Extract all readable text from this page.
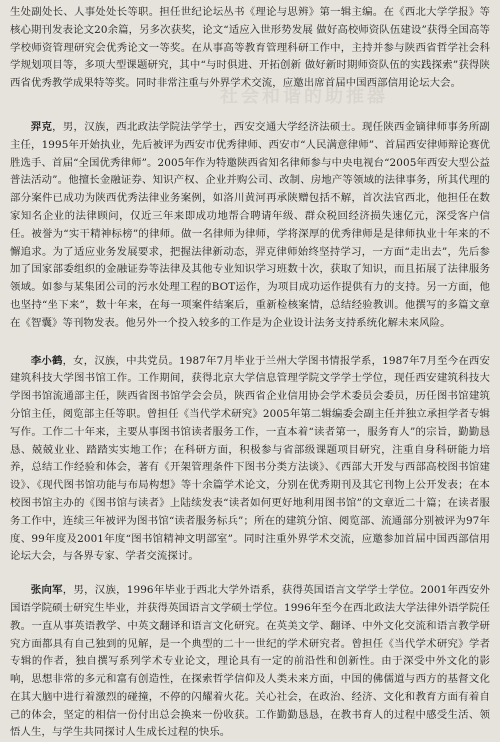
社会和谐的助推器

生处副处长、人事处处长等职。担任世纪论坛丛书《理论与思辨》第一辑主编。在《西北大学学报》等核心期刊发表论文20余篇，另多次获奖，论文“适应入世形势发展 做好高校师资队伍建设”获得全国高等学校师资管理研究会优秀论文一等奖。在从事高等教育管理科研工作中，主持并参与陕西省哲学社会科学规划项目等，多项大型课题研究，其中“与时俱进、开拓创新 做好新时期师资队伍的实践探索”获得陕西省优秀教学成果特等奖。同时非常注重与外界学术交流，应邀出席首届中国西部信用论坛大会。

羿克，男，汉族，西北政法学院法学学士，西安交通大学经济法硕士。现任陕西金镝律师事务所副主任，1995年开始执业，先后被评为西安市优秀律师、西安市“人民满意律师”、首届西安律师辩论赛优胜选手、首届“全国优秀律师”。2005年作为特邀陕西省知名律师参与中央电视台“2005年西安大型公益普法活动”。他擅长金融证券、知识产权、企业并购公司、改制、房地产等领域的法律事务，所其代理的部分案件已成功为陕西优秀法律业务案例，如洛川黄河再承陕赠包括不解，首次法官西北，他担任在数家知名企业的法律顾问，仅近三年来即成功地帮合聘请年级、群众税回经济损失速亿元，深受客户信任。被誉为“实干精神标榜”的律师。做一名律师为律师，学将深厚的优秀律师是是律师执业十年来的不懈追求。为了适应业务发展要求，把握法律新动态，羿克律师始终坚持学习，一方面“走出去”，先后参加了国家部委组织的金融证券等法律及其他专业知识学习班数十次，获取了知识，而且拓展了法律服务领域。如参与某集团公司的污水处理工程的BOT运作，为项目成功运作提供有力的支持。另一方面，他也坚持“坐下来”，数十年来，在每一项案件结案后，重新检核案情，总结经验教训。他撰写的多篇文章在《智囊》等刊物发表。他另外一个投入较多的工作是为企业设计法务支持系统化解未来风险。

李小鹤，女，汉族，中共党员。1987年7月毕业于兰州大学图书情报学系，1987年7月至今在西安建筑科技大学图书馆工作。工作期间，获得北京大学信息管理学院文学学士学位，现任西安建筑科技大学图书馆流通部主任，陕西省图书馆学会会员，陕西省企业信用协会学术委员会委员，历任图书馆建筑分馆主任，阅览部主任等职。曾担任《当代学术研究》2005年第二辑编委会副主任并独立承担学者专辑写作。工作二十年来，主要从事图书馆读者服务工作，一直本着“读者第一，服务育人”的宗旨，勤勤恳恳、兢兢业业、踏踏实实地工作；在科研方面，积极参与省部级课题项目研究，注重自身科研能力培养，总结工作经验和体会，著有《开架管理条件下图书分类方法谈》、《西部大开发与西部高校图书馆建设》、《现代图书馆功能与布局构想》等十余篇学术论文，分别在优秀期刊及其它刊物上公开发表；在本校图书馆主办的《图书馆与读者》上陆续发表“读者如何更好地利用图书馆”的文章近二十篇；在读者服务工作中，连续三年被评为图书馆“读者服务标兵”；所在的建筑分馆、阅览部、流通部分别被评为97年度、99年度及2001年度“图书馆精神文明部室”。同时注重外界学术交流，应邀参加首届中国西部信用论坛大会，与各界专家、学者交流探讨。

张向军，男，汉族，1996年毕业于西北大学外语系，获得英国语言文学学士学位。2001年西安外国语学院硕士研究生毕业，并获得英国语言文学硕士学位。1996年至今在西北政法大学法律外语学院任教。一直从事英语教学、中英文翻译和语言文化研究。在英美文学、翻译、中外文化交流和语言教学研究方面都具有自己独到的见解，是一个典型的二十一世纪的学术研究者。曾担任《当代学术研究》学者专辑的作者，独自撰写系列学术专业论文，理论具有一定的前沿性和创新性。由于深受中外文化的影响，思想非常的多元和富有创造性，在探索哲学信仰及人类未来方面，中国的佛儒道与西方的基督文化在其大脑中进行着激烈的碰撞，不停的闪耀着火花。关心社会，在政治、经济、文化和教育方面有着自己的体会，坚定的相信一份付出总会换来一份收获。工作勤勤恳恳，在教书育人的过程中感受生活、领悟人生，与学生共同探讨人生成长过程的快乐。
